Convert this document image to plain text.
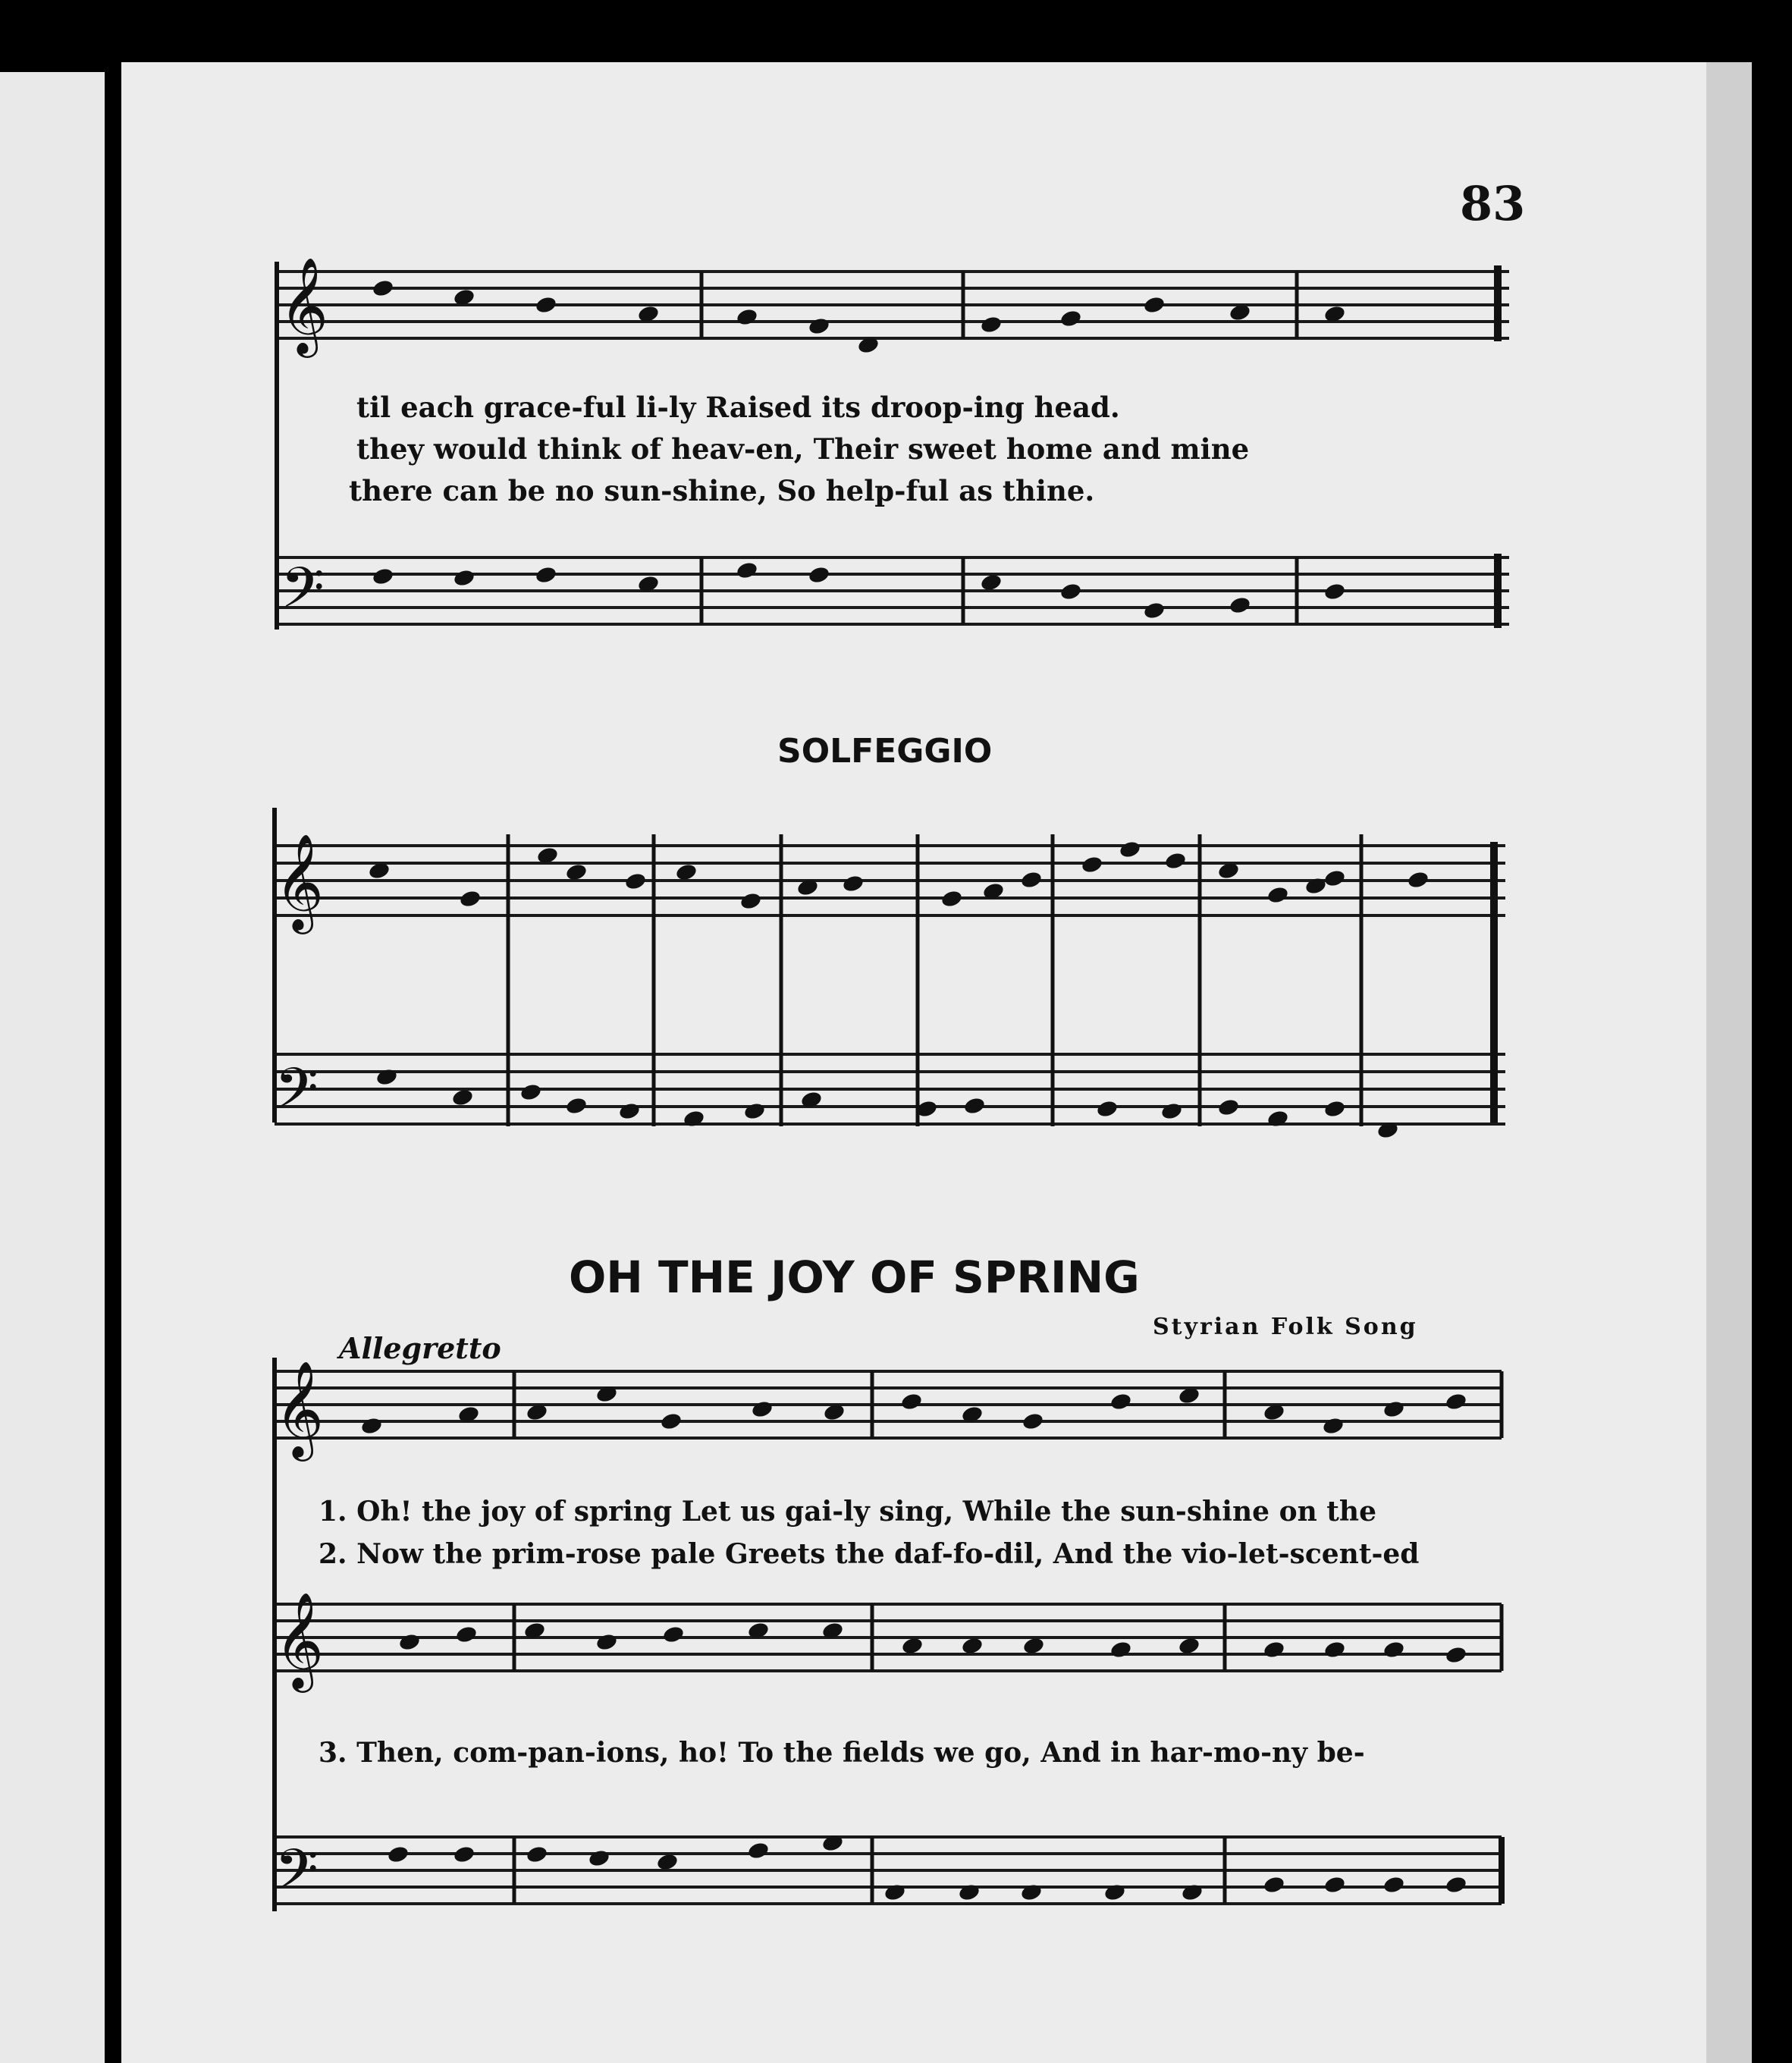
83
til each grace-ful li-ly Raised its droop-ing head.
they would think of heav-en, Their sweet home and mine
there can be no sun-shine, So help-ful as thine.
SOLFEGGIO
OH THE JOY OF SPRING
Styrian Folk Song
Allegretto
1. Oh! the joy of spring Let us gai-ly sing, While the sun-shine on the
2. Now the prim-rose pale Greets the daf-fo-dil, And the vio-let-scent-ed
3. Then, com-pan-ions, ho! To the fields we go, And in har-mo-ny be-
𝄞
𝄢
𝄞
𝄢
𝄞
𝄞
𝄢
